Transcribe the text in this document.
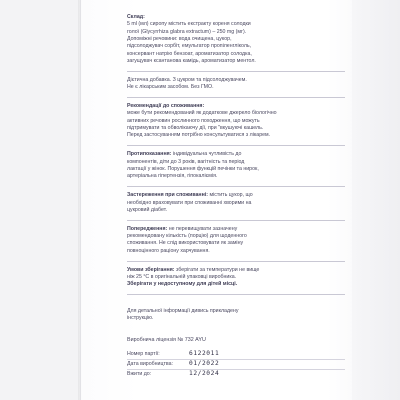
Склад:

5 ml (мл) сиропу містить екстракту кореня солодки

голої (Glycyrrhiza glabra extractum) – 250 mg (мг).

Допоміжні речовини: вода очищена, цукор,

підсолоджувач сорбіт, емульгатор пропіленгліколь,

консервант натрію бензоат, ароматизатор солодка,

загущувач ксантанова камідь, ароматизатор ментол.

Дієтична добавка. З цукром та підсолоджувачем.

Не є лікарським засобом. Без ГМО.

Рекомендації до споживання:

може бути рекомендований як додаткове джерело біологічно

активних речовин рослинного походження, що можуть

підтримувати та обволікаючу дії, при "вкушуючі кашель.

Перед застосуванням потрібно консультуватися з лікарем.

Протипоказання: індивідуальна чутливість до

компонентів, діти до 3 років, вагітність та період

лактації у жінок. Порушення функцій печінки та нирок,

артеріальна гіпертензія, гіпокаліємія.

Застереження при споживанні: містить цукор, що

необхідно враховувати при споживанні хворими на

цукровий діабет.

Попередження: не перевищувати зазначену

рекомендовану кількість (порцію) для щоденного

споживання. Не слід використовувати як заміну

повноцінного раціону харчування.

Умови зберігання: зберігати за температури не вище

ніж 25 °С в оригінальній упаковці виробника.

Зберігати у недоступному для дітей місці.

Для детальної інформації дивись прикладену

інструкцію.

Виробнича ліцензія № 732 AYU

Номер партії:	6122011
Дата виробництва:	01/2022
Вжити до:	12/2024
